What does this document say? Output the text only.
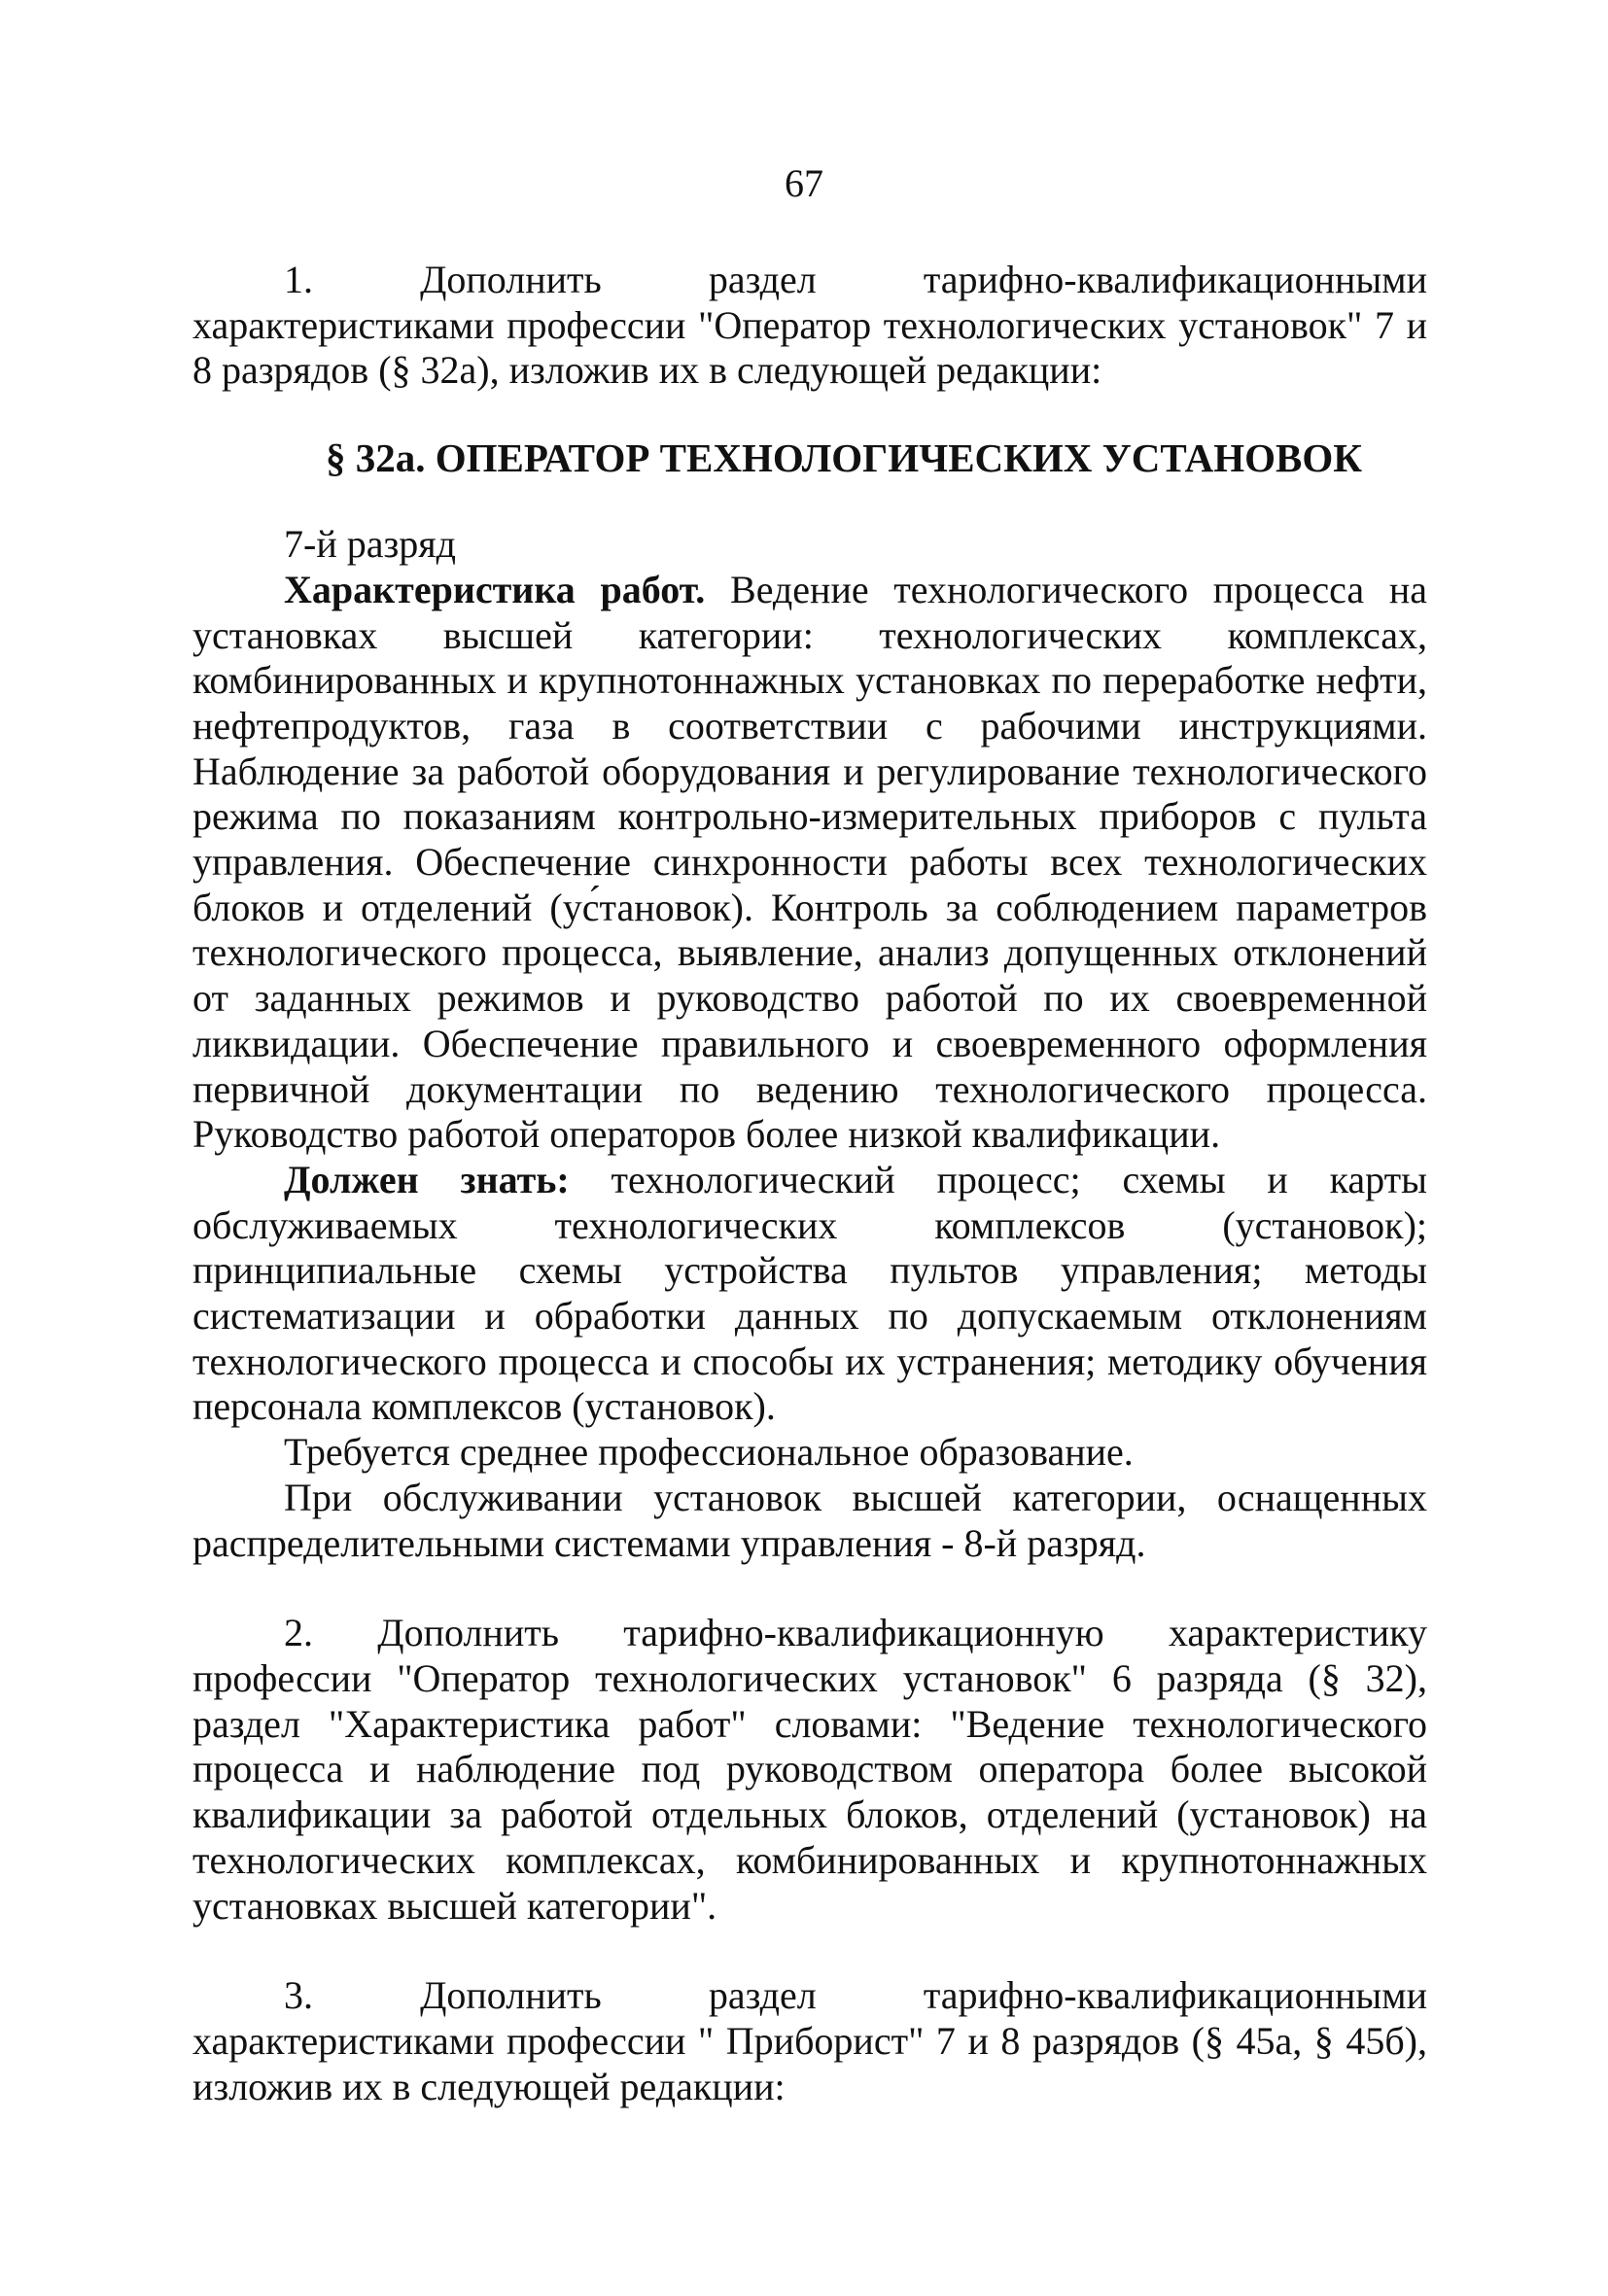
67

1. Дополнить раздел тарифно-квалификационными характеристиками профессии "Оператор технологических установок" 7 и 8 разрядов (§ 32а), изложив их в следующей редакции:

§ 32а. ОПЕРАТОР ТЕХНОЛОГИЧЕСКИХ УСТАНОВОК

7-й разряд

Характеристика работ. Ведение технологического процесса на установках высшей категории: технологических комплексах, комбинированных и крупнотоннажных установках по переработке нефти, нефтепродуктов, газа в соответствии с рабочими инструкциями. Наблюдение за работой оборудования и регулирование технологического режима по показаниям контрольно-измерительных приборов с пульта управления. Обеспечение синхронности работы всех технологических блоков и отделений (ус́тановок). Контроль за соблюдением параметров технологического процесса, выявление, анализ допущенных отклонений от заданных режимов и руководство работой по их своевременной ликвидации. Обеспечение правильного и своевременного оформления первичной документации по ведению технологического процесса. Руководство работой операторов более низкой квалификации.

Должен знать: технологический процесс; схемы и карты обслуживаемых технологических комплексов (установок); принципиальные схемы устройства пультов управления; методы систематизации и обработки данных по допускаемым отклонениям технологического процесса и способы их устранения; методику обучения персонала комплексов (установок).

Требуется среднее профессиональное образование.

При обслуживании установок высшей категории, оснащенных распределительными системами управления - 8-й разряд.

2. Дополнить тарифно-квалификационную характеристику профессии "Оператор технологических установок" 6 разряда (§ 32), раздел "Характеристика работ" словами: "Ведение технологического процесса и наблюдение под руководством оператора более высокой квалификации за работой отдельных блоков, отделений (установок) на технологических комплексах, комбинированных и крупнотоннажных установках высшей категории".

3. Дополнить раздел тарифно-квалификационными характеристиками профессии " Приборист" 7 и 8 разрядов (§ 45а, § 45б), изложив их в следующей редакции:
